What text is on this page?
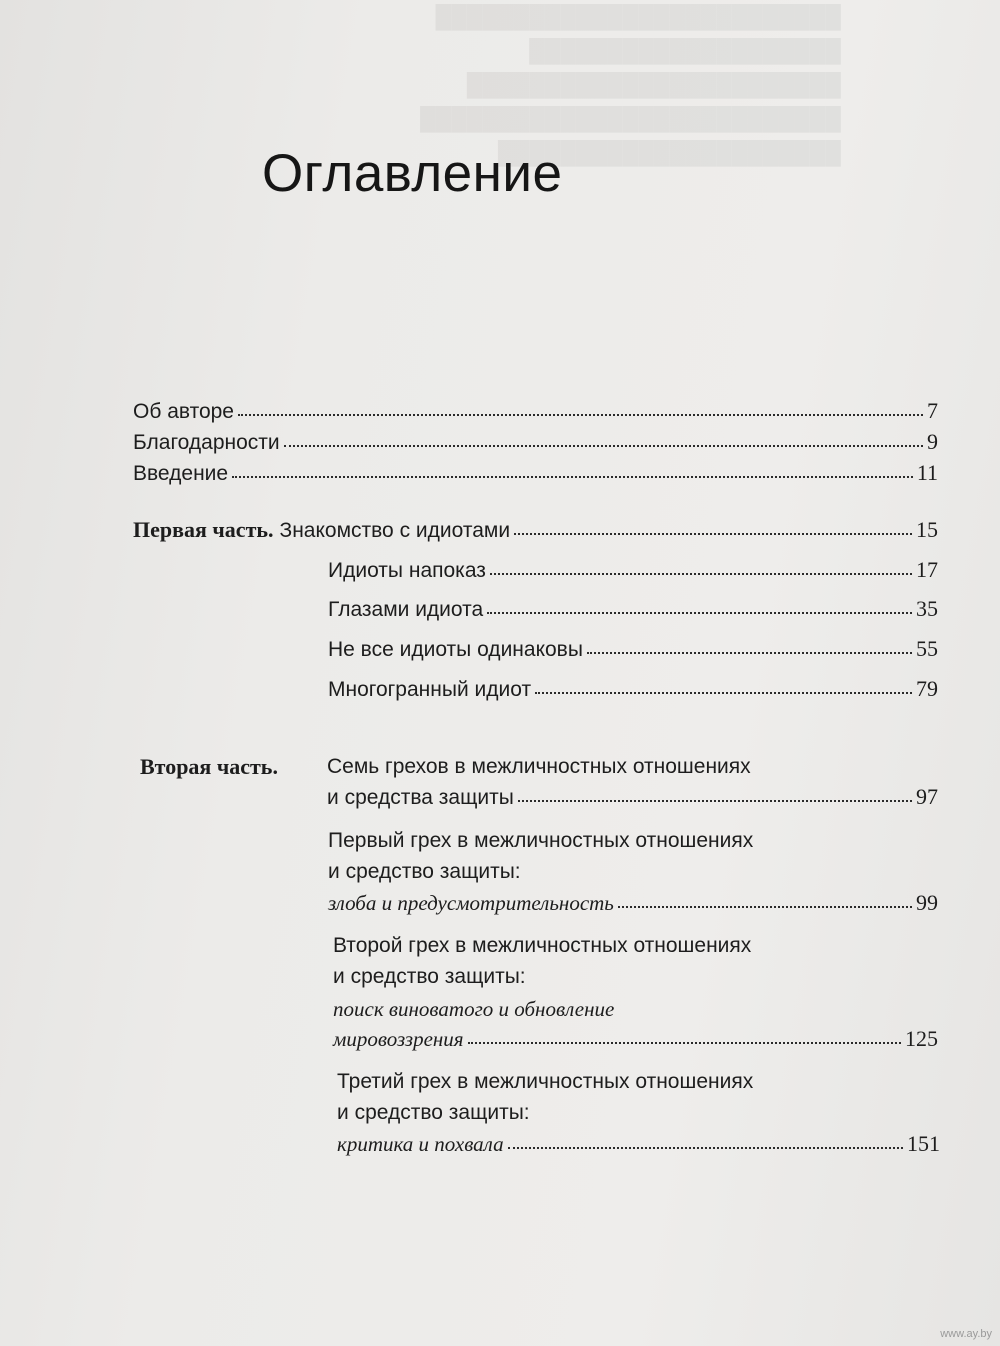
██████████████████████████
████████████████████
████████████████████████
███████████████████████████
██████████████████████
Оглавление
Об авторе	7
Благодарности	9
Введение	11
Первая часть. Знакомство с идиотами	15
Идиоты напоказ	17
Глазами идиота	35
Не все идиоты одинаковы	55
Многогранный идиот	79
Вторая часть. Семь грехов в межличностных отношениях
и средства защиты	97
Первый грех в межличностных отношениях
и средство защиты:
злоба и предусмотрительность	99
Второй грех в межличностных отношениях
и средство защиты:
поиск виноватого и обновление
мировоззрения	125
Третий грех в межличностных отношениях
и средство защиты:
критика и похвала	151
www.ay.by
